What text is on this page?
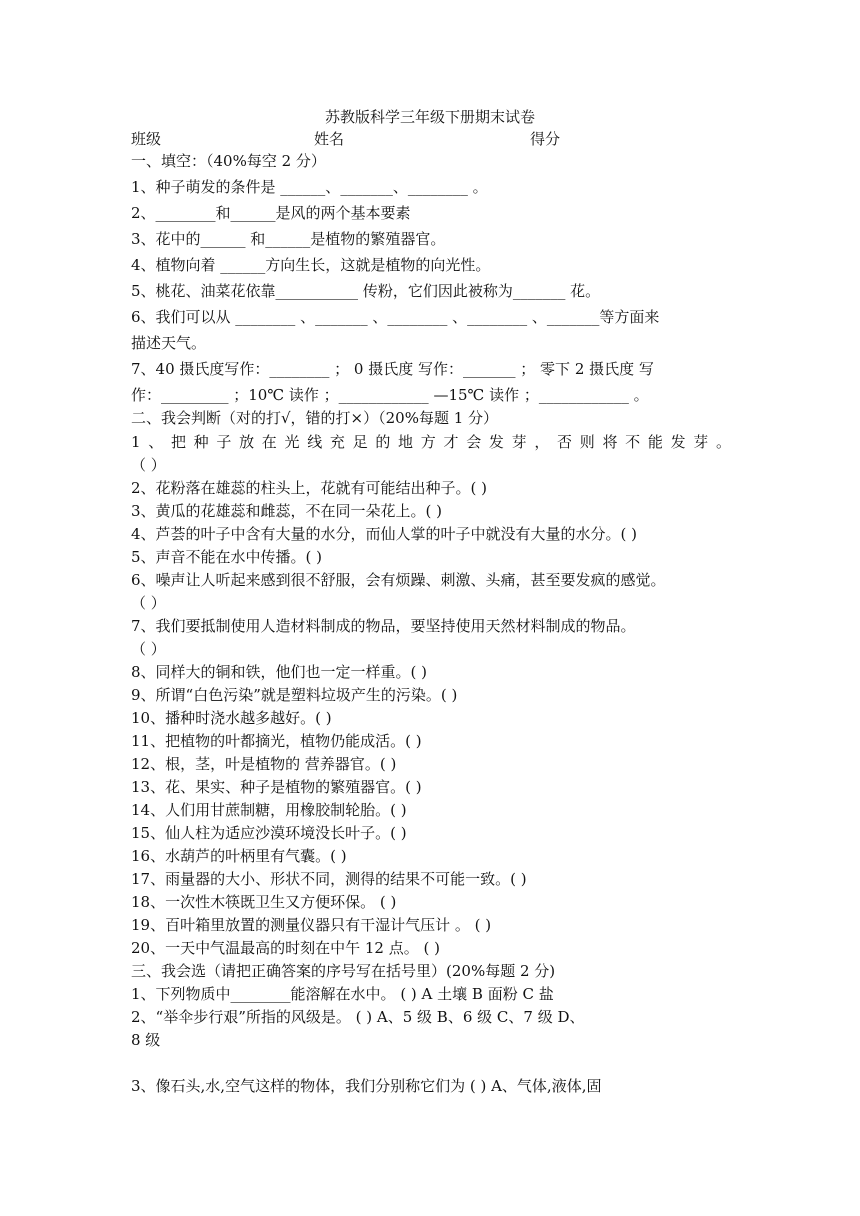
苏教版科学三年级下册期末试卷
班级	姓名	得分
一、填空：（40%每空 2 分）
1、种子萌发的条件是 ______、_______、________ 。
2、________和______是风的两个基本要素
3、花中的______ 和______是植物的繁殖器官。
4、植物向着 ______方向生长，这就是植物的向光性。
5、桃花、油菜花依靠___________ 传粉，它们因此被称为_______ 花。
6、我们可以从 ________ 、_______ 、________ 、________ 、_______等方面来
描述天气。
7、40 摄氏度写作：________ ； 0 摄氏度 写作：_______ ； 零下 2 摄氏度 写
作：_________ ；10℃ 读作 ；____________ —15℃ 读作 ；____________ 。
二、我会判断（对的打√，错的打×）（20%每题 1 分）
1、把种子放在光线充足的地方才会发芽，否则将不能发芽。
（ ）
2、花粉落在雄蕊的柱头上，花就有可能结出种子。( )
3、黄瓜的花雄蕊和雌蕊，不在同一朵花上。( )
4、芦荟的叶子中含有大量的水分，而仙人掌的叶子中就没有大量的水分。( )
5、声音不能在水中传播。( )
6、噪声让人听起来感到很不舒服，会有烦躁、刺激、头痛，甚至要发疯的感觉。
（ ）
7、我们要抵制使用人造材料制成的物品，要坚持使用天然材料制成的物品。
（ ）
8、同样大的铜和铁，他们也一定一样重。( )
9、所谓“白色污染”就是塑料垃圾产生的污染。( )
10、播种时浇水越多越好。( )
11、把植物的叶都摘光，植物仍能成活。( )
12、根，茎，叶是植物的 营养器官。( )
13、花、果实、种子是植物的繁殖器官。( )
14、人们用甘蔗制糖，用橡胶制轮胎。( )
15、仙人柱为适应沙漠环境没长叶子。( )
16、水葫芦的叶柄里有气囊。( )
17、雨量器的大小、形状不同，测得的结果不可能一致。( )
18、一次性木筷既卫生又方便环保。 ( )
19、百叶箱里放置的测量仪器只有干湿计气压计 。 ( )
20、一天中气温最高的时刻在中午 12 点。 ( )
三、我会选（请把正确答案的序号写在括号里）(20%每题 2 分)
1、下列物质中________能溶解在水中。 ( ) A 土壤 B 面粉 C 盐
2、“举伞步行艰”所指的风级是。 ( ) A、5 级 B、6 级 C、7 级 D、
8 级
3、像石头,水,空气这样的物体，我们分别称它们为 ( ) A、气体,液体,固
